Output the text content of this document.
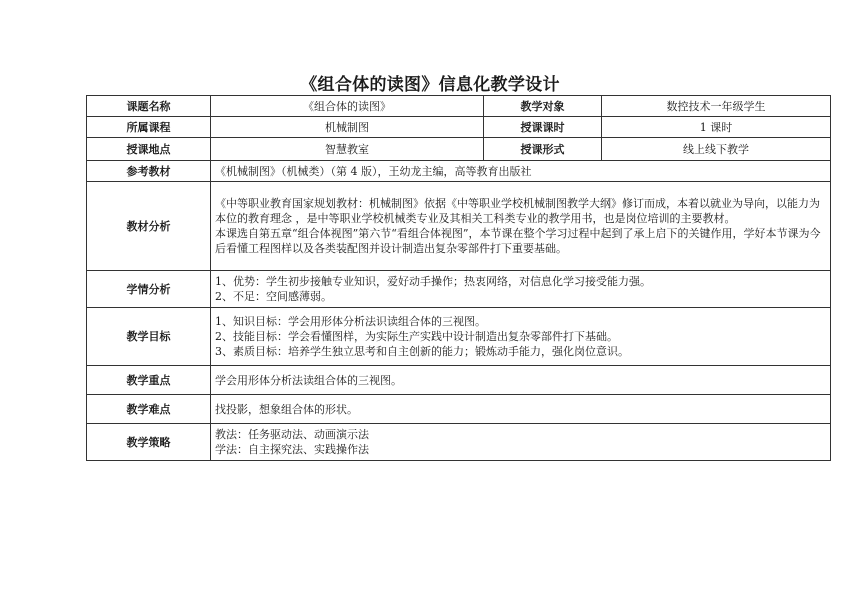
《组合体的读图》信息化教学设计
课题名称	《组合体的读图》	教学对象	数控技术一年级学生
所属课程	机械制图	授课课时	1 课时
授课地点	智慧教室	授课形式	线上线下教学
参考教材	《机械制图》（机械类）（第 4 版），王幼龙主编，高等教育出版社		
教材分析	《中等职业教育国家规划教材：机械制图》依据《中等职业学校机械制图教学大纲》修订而成，本着以就业为导向，以能力为本位的教育理念 ，是中等职业学校机械类专业及其相关工科类专业的教学用书，也是岗位培训的主要教材。

本课选自第五章“组合体视图”第六节“看组合体视图”，本节课在整个学习过程中起到了承上启下的关键作用，学好本节课为今后看懂工程图样以及各类装配图并设计制造出复杂零部件打下重要基础。		

学情分析	1、优势：学生初步接触专业知识，爱好动手操作；热衷网络，对信息化学习接受能力强。

2、不足：空间感薄弱。		

教学目标	1、知识目标：学会用形体分析法识读组合体的三视图。

2、技能目标：学会看懂图样，为实际生产实践中设计制造出复杂零部件打下基础。

3、素质目标：培养学生独立思考和自主创新的能力；锻炼动手能力，强化岗位意识。		

教学重点	学会用形体分析法读组合体的三视图。		
教学难点	找投影，想象组合体的形状。		
教学策略	教法：任务驱动法、动画演示法

学法：自主探究法、实践操作法		
